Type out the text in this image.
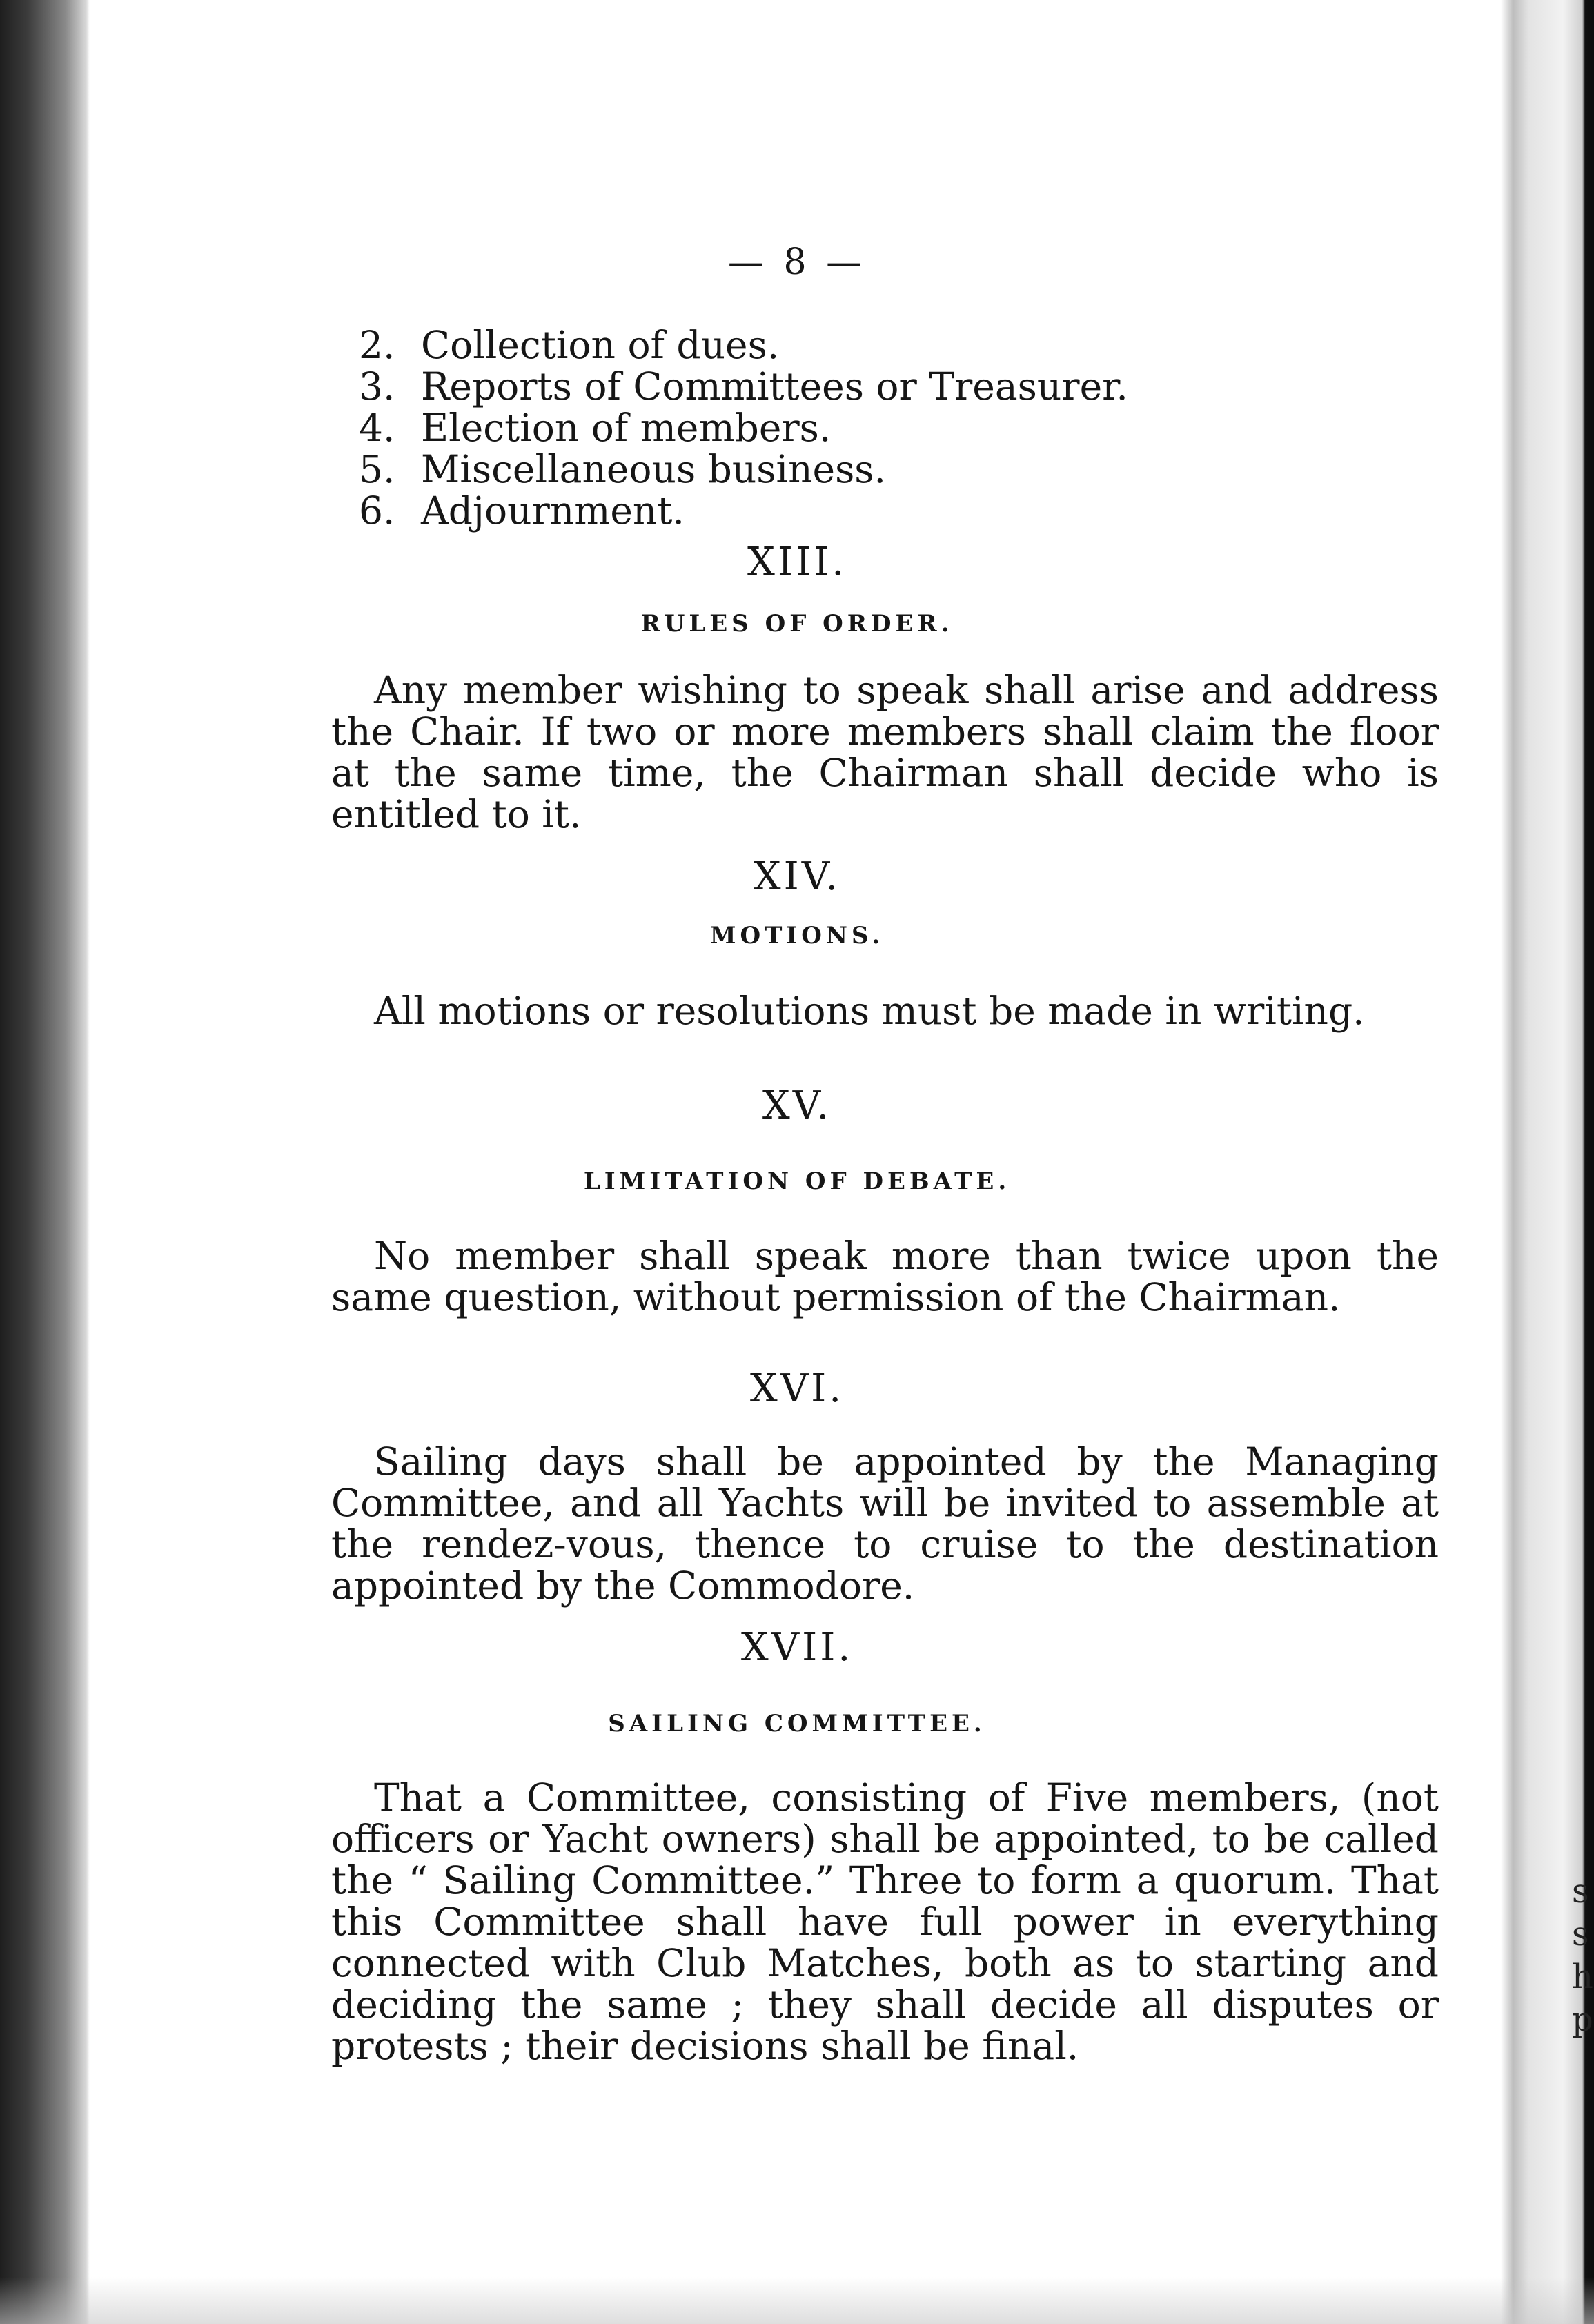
— 8 —
2. Collection of dues.
3. Reports of Committees or Treasurer.
4. Election of members.
5. Miscellaneous business.
6. Adjournment.
XIII.
RULES OF ORDER.

Any member wishing to speak shall arise and address the Chair. If two or more members shall claim the floor at the same time, the Chairman shall decide who is entitled to it.

XIV.
MOTIONS.

All motions or resolutions must be made in writing.

XV.
LIMITATION OF DEBATE.

No member shall speak more than twice upon the same question, without permission of the Chairman.

XVI.

Sailing days shall be appointed by the Managing Committee, and all Yachts will be invited to assemble at the rendez-vous, thence to cruise to the destination appointed by the Commodore.

XVII.
SAILING COMMITTEE.

That a Committee, consisting of Five members, (not officers or Yacht owners) shall be appointed, to be called the “ Sailing Committee.” Three to form a quorum. That this Committee shall have full power in everything connected with Club Matches, both as to starting and deciding the same ; they shall decide all disputes or protests ; their decisions shall be final.

s
s
h
p
